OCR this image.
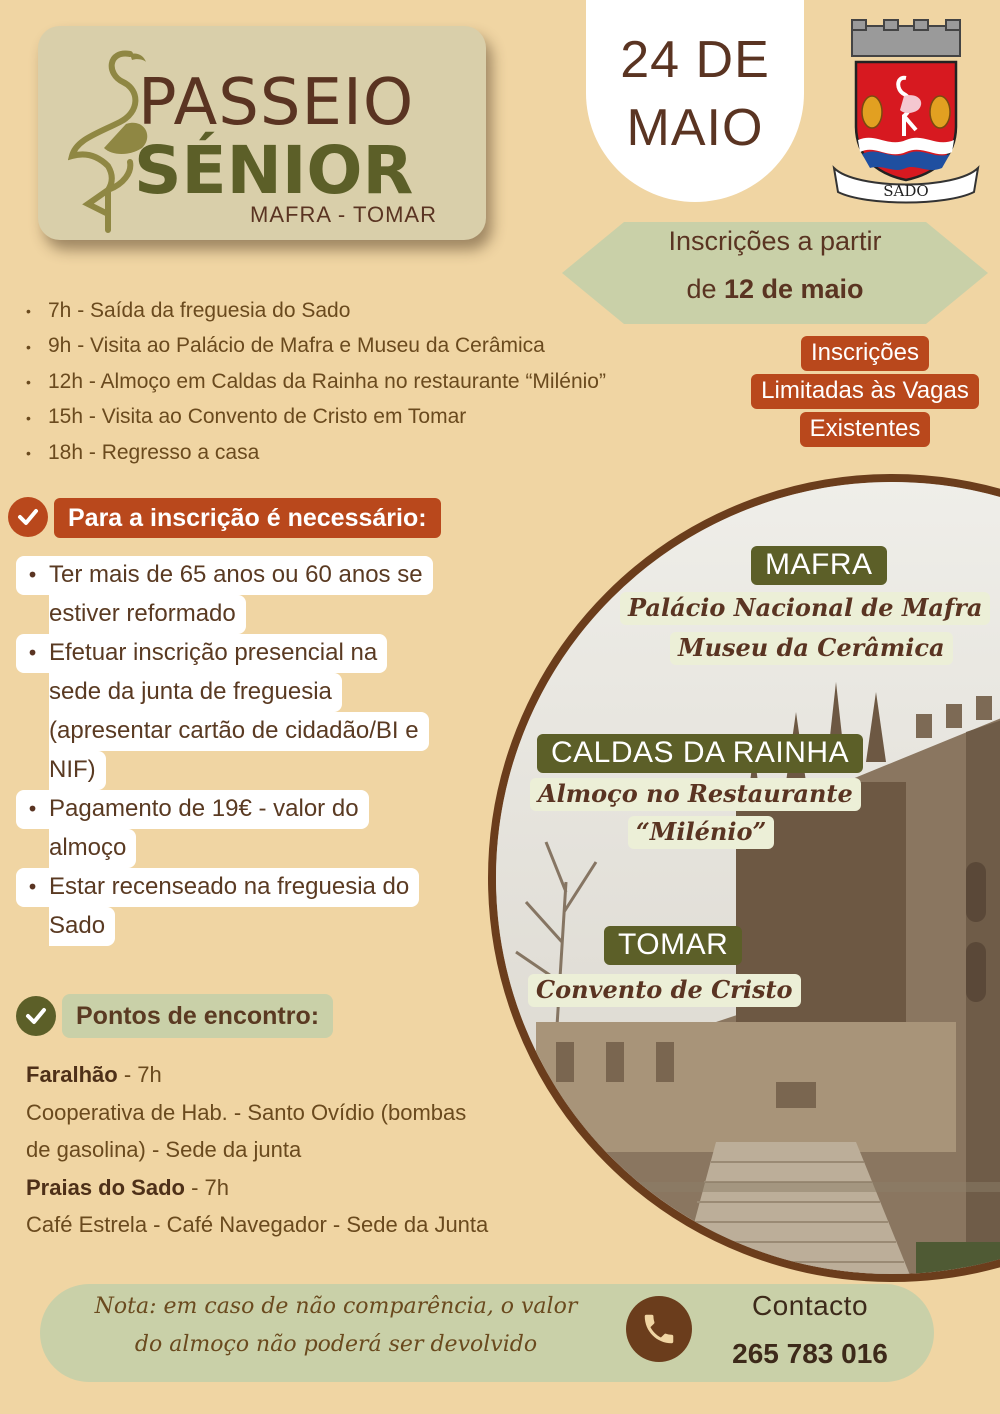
PASSEIO
SÉNIOR
MAFRA - TOMAR
24 DE
MAIO
SADO
Inscrições a partir
de 12 de maio
• 7h - Saída da freguesia do Sado
• 9h - Visita ao Palácio de Mafra e Museu da Cerâmica
• 12h - Almoço em Caldas da Rainha no restaurante “Milénio”
• 15h - Visita ao Convento de Cristo em Tomar
• 18h - Regresso a casa
Inscrições
Limitadas às Vagas
Existentes
Para a inscrição é necessário:
• Ter mais de 65 anos ou 60 anos se
estiver reformado
• Efetuar inscrição presencial na
sede da junta de freguesia
(apresentar cartão de cidadão/BI e
NIF)
• Pagamento de 19€ - valor do
almoço
• Estar recenseado na freguesia do
Sado
Pontos de encontro:
Faralhão - 7h
Cooperativa de Hab. - Santo Ovídio (bombas
de gasolina) - Sede da junta
Praias do Sado - 7h
Café Estrela - Café Navegador - Sede da Junta
MAFRA
Palácio Nacional de Mafra
Museu da Cerâmica
CALDAS DA RAINHA
Almoço no Restaurante
“Milénio”
TOMAR
Convento de Cristo
Nota: em caso de não comparência, o valor
do almoço não poderá ser devolvido
Contacto
265 783 016
